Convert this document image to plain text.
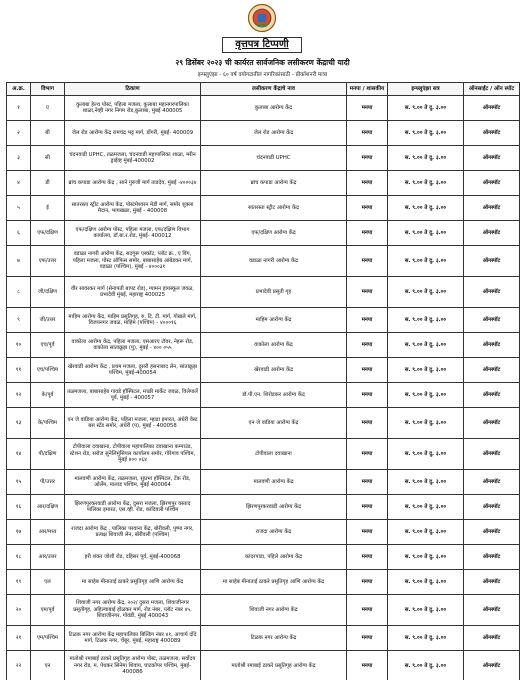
वृत्तपत्र टिप्पणी
२९ डिसेंबर २०२३ ची कार्यरत सार्वजनिक लसीकरण केंद्राची यादी
इन्फ्लुएंझा - ६० वर्ष वयोगटातील नागरिकांसाठी - प्रीकॉशनरी मात्रा
अ.क्र.	विभाग	ठिकाण	लसीकरण केंद्राचे नाव	मनपा / शासकीय	इन्फ्लुएंझा सत्र	ऑनसाईट / ऑन स्पॉट
१	ए	कुलाबा हेल्थ पोस्ट, पहिला मजला, कुलाबा महानगरपालिका शाळा,नेव्ही नगर निगम रोड,कुलाबा, मुंबई 400005	कुलाबा आरोग्य केंद्र	मनपा	स. ९.०० ते दु. ३.००	ऑनस्पॉट
२	बी	जेल रोड आरोग्य केंद्र रामचंद्र भट्ट मार्ग, डोंगरी, मुंबई- 400009	जेल रोड आरोग्य केंद्र	मनपा	स. ९.०० ते दु. ३.००	ऑनस्पॉट
३	सी	चंदनवाडी UPHC, तळमजला, चंदनवाडी महापालिका शाळा, मरीन ड्राईव्ह मुंबई-400002	चंदनवाडी UPHC	मनपा	स. ९.०० ते दु. ३.००	ऑनस्पॉट
४	डी	ब्रांच कपाडा आरोग्य केंद्र , साने गुरुजी मार्ग ताडदेव, मुंबई -४०००३४	ब्रांच कपाडा आरोग्य केंद्र	मनपा	स. ९.०० ते दु. ३.००	ऑनस्पॉट
५	ई	सातरस्ता स्ट्रीट आरोग्य केंद्र, पोस्टमेश्वरन मेडी मार्ग, समोर शुक्ला मैदान, भायखळा, मुंबई - 400008	सातरस्ता स्ट्रीट आरोग्य केंद्र	मनपा	स. ९.०० ते दु. ३.००	ऑनस्पॉट
६	एफ/दक्षिण	एफ/दक्षिण आरोग्य पोस्ट, पहिला मजला, एफ/दक्षिण विभाग कार्यालय, डॉ.बा.र.रोड, मुंबई- 400012	एफ/दक्षिण आरोग्य केंद्र	मनपा	स. ९.०० ते दु. ३.००	ऑनस्पॉट
७	एफ/उत्तर	वडाळा नागरी आरोग्य केंद्र, सदगुरू एस्कॉट, प्लॉट क्र., ए विंग, पहिला मजला, पोस्ट ऑफिस समोर, बाबासाहेब आंबेडकर मार्ग, वडाळा (पश्चिम), मुंबई - ४०००३१	वडाळा नागरी आरोग्य केंद्र	मनपा	स. ९.०० ते दु. ३.००	ऑनस्पॉट
८	जी/दक्षिण	वीर सावरकर मार्ग (सेनापती बापट रोड), ग्यामन हायस्कूल जवळ, प्रभादेवी मुंबई, महाराष्ट्र 400025	प्रभादेवी प्रसूती गृह	मनपा	स. ९.०० ते दु. ३.००	ऑनस्पॉट
९	जी/उत्तर	माहिम आरोग्य केंद्र, माहिम प्रसूतिगृह, रु. टि. टी. मार्ग, गोखले मार्ग, विजयनगर जवळ, माहिम (पश्चिम) - ४०००१६	माहिम आरोग्य केंद्र	मनपा	स. ९.०० ते दु. ३.००	ऑनस्पॉट
१०	एच/पूर्व	वाकोला आरोग्य केंद्र, पहिला मजला, एसआरए टॉवर, नेहरू रोड, वाकोला सांताक्रूझ (पु), मुंबई - ४०० ०५५	वाकोला आरोग्य केंद्र	मनपा	स. ९.०० ते दु. ३.००	ऑनस्पॉट
११	एच/पश्चिम	खेरवाडी आरोग्य केंद्र , प्रथम मजला, दुसरी हसनाबाद लेन, सांताक्रूझ पश्चिम, मुंबई-400054	खेरवाडी आरोग्य केंद्र	मनपा	स. ९.०० ते दु. ३.००	ऑनस्पॉट
१२	के/पूर्व	तळमजला, बाबासाहेब गावडे हॉस्पिटल, मच्छी मार्केट जवळ, विलेपार्ले पूर्व, मुंबई - 400057	डॉ.पी.एन. शिरोडकर आरोग्य केंद्र	मनपा	स. ९.०० ते दु. ३.००	ऑनस्पॉट
१३	के/पश्चिम	एन जे वाडिया आरोग्य केंद्र, पहिला मजला, म्हाडा इमारत, अंधेरी वेस्ट बस स्टॅंड समोर, अंधेरी (प), मुंबई - 400058	एन जे वाडिया आरोग्य केंद्र	मनपा	स. ९.०० ते दु. ३.००	ऑनस्पॉट
१४	पी/दक्षिण	टोपीवाला दवाखाना, टोपीवाला महापालिका दवाखाना कम्पाउंड, स्टेशन रोड, सरोज सुनेलिमुंसिपल कार्यालय समोर, गोरेगाव पश्चिम, मुंबई ४०० ०६४	टोपीवाला दवाखाना	मनपा	स. ९.०० ते दु. ३.००	ऑनस्पॉट
१५	पी/उत्तर	मालवणी आरोग्य केंद्र, तळमजला, सुप्रभा हॉस्पिटल, टेंक रोड, ओर्लेम, मालाड पश्चिम, मुंबई 400064	मालवणी आरोग्य केंद्र	मनपा	स. ९.०० ते दु. ३.००	ऑनस्पॉट
१६	आर/दक्षिण	झिरणपूरकरवाडी आरोग्य केंद्र, दुसरा मजला, झिरणपूर वस्ताद पालिका इमारत, एस.व्ही. रोड, कांदिवली पश्चिम	झिरणपूरकरवाडी आरोग्य केंद्र	मनपा	स. ९.०० ते दु. ३.००	ऑनस्पॉट
१७	आर/मध्य	राजदा आरोग्य केंद्र , पालिका परवाना केंद्र, बोरीवली, पुष्पा नगर, प्रत्यक्ष शिवाजी लेन, बोरीवली (पश्चिम)	राजदा आरोग्य केंद्र	मनपा	स. ९.०० ते दु. ३.००	ऑनस्पॉट
१८	आर/उत्तर	हरी शंकर जोशी रोड, दहिसर पूर्व, मुंबई-400068	कांदरपाडा, पहिले आरोग्य केंद्र	मनपा	स. ९.०० ते दु. ३.००	ऑनस्पॉट
१९	एल	मा साहेब मीनाताई ठाकरे प्रसूतिगृह आणि आरोग्य केंद्र	मा साहेब मीनाताई ठाकरे प्रसूतिगृह आणि आरोग्य केंद्र	मनपा	स. ९.०० ते दु. ३.००	ऑनस्पॉट
२०	एम/पूर्व	शिवाजी नगर आरोग्य केंद्र, २०२/ दुसरा मजला, शिवाजीनगर प्रसूतीगृह, अहिल्याबाई होळकर मार्ग, रोड नंबर, प्लॉट नंबर ४५, शिवाजीनगर, गोवंडी, मुंबई 400043	शिवाजी नगर आरोग्य केंद्र	मनपा	स. ९.०० ते दु. ३.००	ऑनस्पॉट
२१	एम/पश्चिम	टिळक नगर आरोग्य केंद्र महापालिका बिल्डिंग नंबर ४१, आचार्य दोंदे मार्ग, टिळक नगर, चेंबूर, मुंबई, महाराष्ट्र 400089	टिळक नगर आरोग्य केंद्र	मनपा	स. ९.०० ते दु. ३.००	ऑनस्पॉट
२२	एन	मातोश्री रमाबाई ठाकरे प्रसूतिगृह आरोग्य पोस्ट, तळमजला, सर्वोदय नगर रोड, म. पेथकर सिनेमा शिवाय, घाटकोपर पश्चिम, मुंबई- 400086	मातोश्री रमाबाई ठाकरे प्रसूतिगृह आरोग्य केंद्र	मनपा	स. ९.०० ते दु. ३.००	ऑनस्पॉट
